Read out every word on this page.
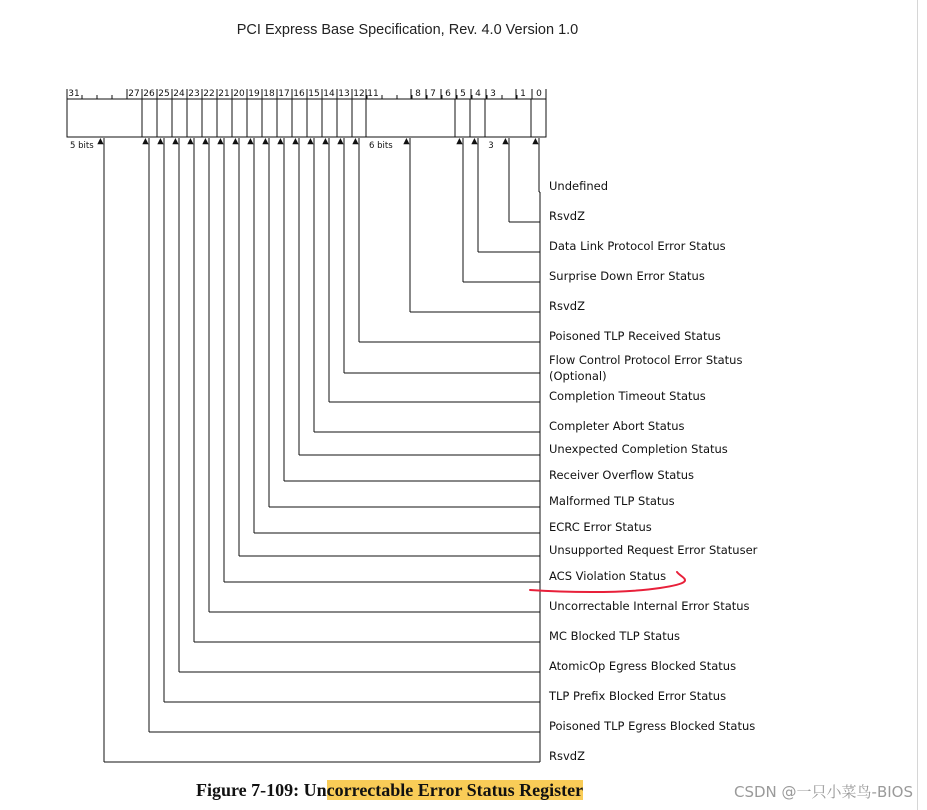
PCI Express Base Specification, Rev. 4.0 Version 1.0
31	27 26 25 24 23 22 21 20 19 18 17 16 15 14 13 12 11	8 7 6 5 4 3	1 0
5 bits	6 bits	3
Undefined
RsvdZ
Data Link Protocol Error Status
Surprise Down Error Status
RsvdZ
Poisoned TLP Received Status
Flow Control Protocol Error Status (Optional)
Completion Timeout Status
Completer Abort Status
Unexpected Completion Status
Receiver Overflow Status
Malformed TLP Status
ECRC Error Status
Unsupported Request Error Statuser
ACS Violation Status
Uncorrectable Internal Error Status
MC Blocked TLP Status
AtomicOp Egress Blocked Status
TLP Prefix Blocked Error Status
Poisoned TLP Egress Blocked Status
RsvdZ
Figure 7-109: Uncorrectable Error Status Register	CSDN @一只小菜鸟-BIOS
